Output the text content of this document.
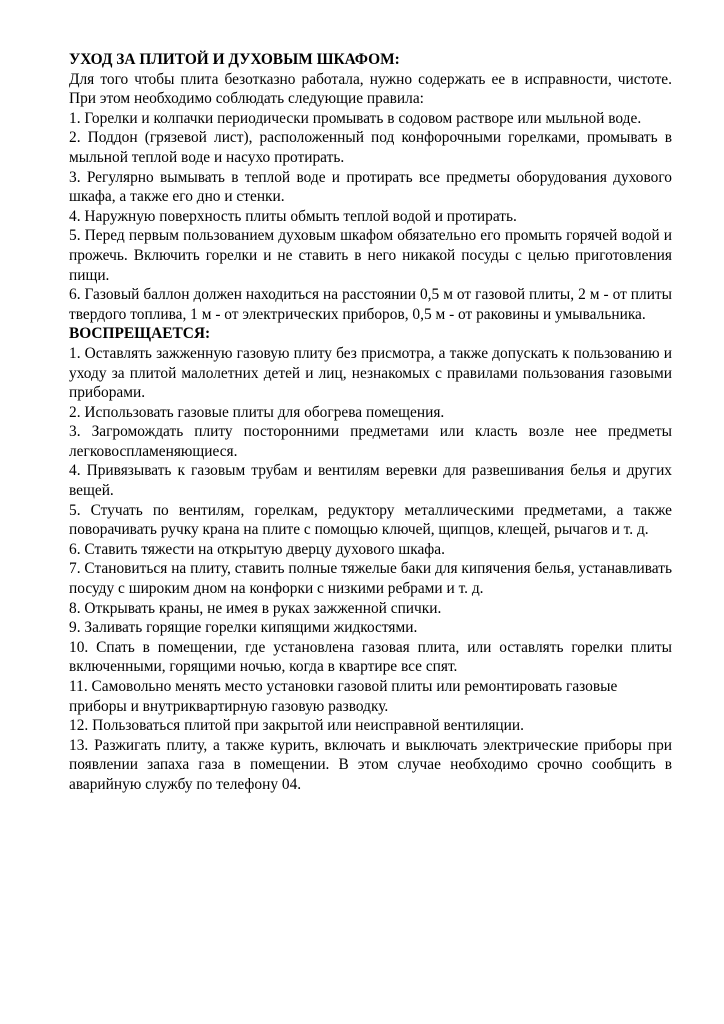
УХОД ЗА ПЛИТОЙ И ДУХОВЫМ ШКАФОМ:

Для того чтобы плита безотказно работала, нужно содержать ее в исправности, чистоте. При этом необходимо соблюдать следующие правила:

1. Горелки и колпачки периодически промывать в содовом растворе или мыльной воде.

2. Поддон (грязевой лист), расположенный под конфорочными горелками, промывать в мыльной теплой воде и насухо протирать.

3. Регулярно вымывать в теплой воде и протирать все предметы оборудования духового шкафа, а также его дно и стенки.

4. Наружную поверхность плиты обмыть теплой водой и протирать.

5. Перед первым пользованием духовым шкафом обязательно его промыть горячей водой и прожечь. Включить горелки и не ставить в него никакой посуды с целью приготовления пищи.

6. Газовый баллон должен находиться на расстоянии 0,5 м от газовой плиты, 2 м - от плиты твердого топлива, 1 м - от электрических приборов, 0,5 м - от раковины и умывальника.

ВОСПРЕЩАЕТСЯ:

1. Оставлять зажженную газовую плиту без присмотра, а также допускать к пользованию и уходу за плитой малолетних детей и лиц, незнакомых с правилами пользования газовыми приборами.

2. Использовать газовые плиты для обогрева помещения.

3. Загромождать плиту посторонними предметами или класть возле нее предметы легковоспламеняющиеся.

4. Привязывать к газовым трубам и вентилям веревки для развешивания белья и других вещей.

5. Стучать по вентилям, горелкам, редуктору металлическими предметами, а также поворачивать ручку крана на плите с помощью ключей, щипцов, клещей, рычагов и т. д.

6. Ставить тяжести на открытую дверцу духового шкафа.

7. Становиться на плиту, ставить полные тяжелые баки для кипячения белья, устанавливать посуду с широким дном на конфорки с низкими ребрами и т. д.

8. Открывать краны, не имея в руках зажженной спички.

9. Заливать горящие горелки кипящими жидкостями.

10. Спать в помещении, где установлена газовая плита, или оставлять горелки плиты включенными, горящими ночью, когда в квартире все спят.

11. Самовольно менять место установки газовой плиты или ремонтировать газовые приборы и внутриквартирную газовую разводку.

12. Пользоваться плитой при закрытой или неисправной вентиляции.

13. Разжигать плиту, а также курить, включать и выключать электрические приборы при появлении запаха газа в помещении. В этом случае необходимо срочно сообщить в аварийную службу по телефону 04.
